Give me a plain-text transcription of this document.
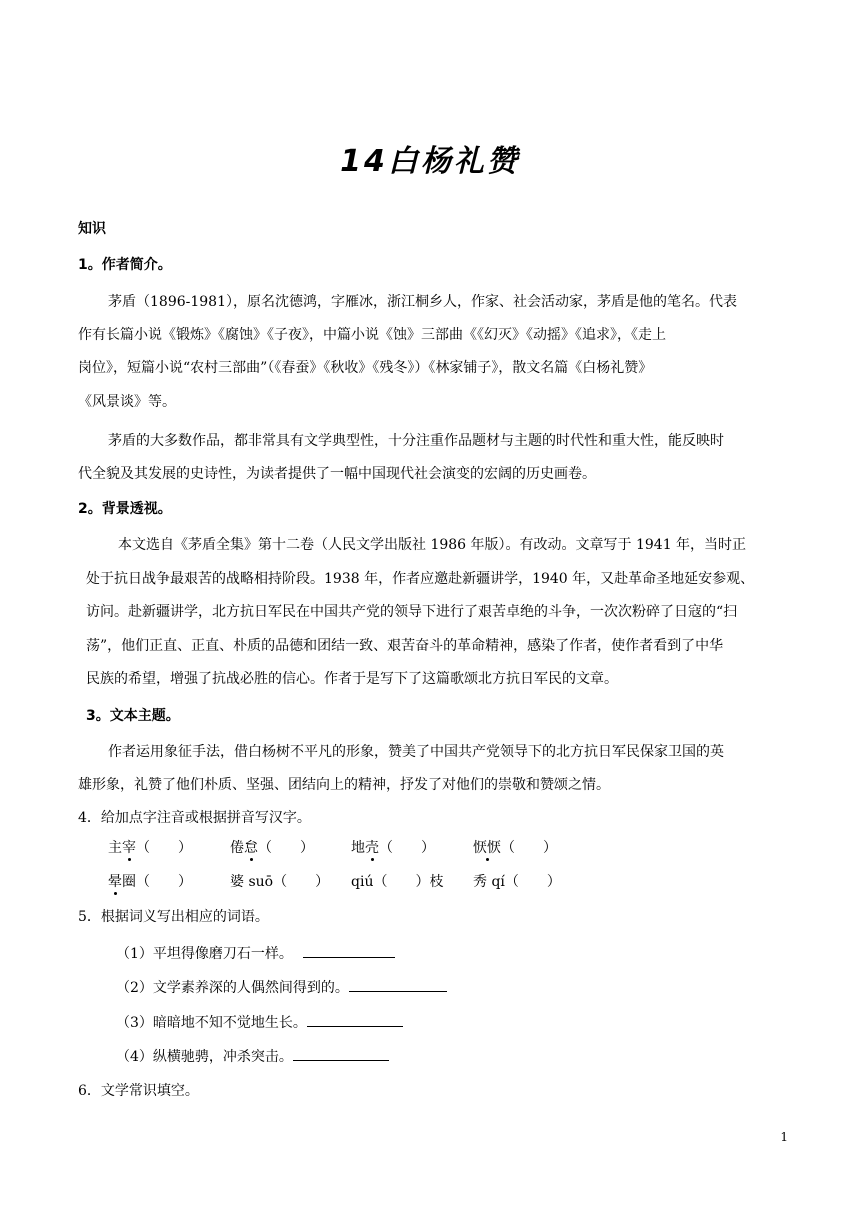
14白杨礼赞
知识
1。作者简介。
茅盾（1896-1981），原名沈德鸿，字雁冰，浙江桐乡人，作家、社会活动家，茅盾是他的笔名。代表
作有长篇小说《锻炼》《腐蚀》《子夜》，中篇小说《蚀》三部曲《《幻灭》《动摇》《追求》，《走上
岗位》，短篇小说“农村三部曲”（《春蚕》《秋收》《残冬》）《林家铺子》，散文名篇《白杨礼赞》
《风景谈》等。
茅盾的大多数作品，都非常具有文学典型性，十分注重作品题材与主题的时代性和重大性，能反映时
代全貌及其发展的史诗性，为读者提供了一幅中国现代社会演变的宏阔的历史画卷。
2。背景透视。
本文选自《茅盾全集》第十二卷（人民文学出版社 1986 年版）。有改动。文章写于 1941 年，当时正
处于抗日战争最艰苦的战略相持阶段。1938 年，作者应邀赴新疆讲学，1940 年，又赴革命圣地延安参观、
访问。赴新疆讲学，北方抗日军民在中国共产党的领导下进行了艰苦卓绝的斗争，一次次粉碎了日寇的“扫
荡”，他们正直、正直、朴质的品德和团结一致、艰苦奋斗的革命精神，感染了作者，使作者看到了中华
民族的希望，增强了抗战必胜的信心。作者于是写下了这篇歌颂北方抗日军民的文章。
3。文本主题。
作者运用象征手法，借白杨树不平凡的形象，赞美了中国共产党领导下的北方抗日军民保家卫国的英
雄形象，礼赞了他们朴质、坚强、团结向上的精神，抒发了对他们的崇敬和赞颂之情。
4．给加点字注音或根据拼音写汉字。
主宰（　　）	倦怠（　　）	地壳（　　）	恹恹（　　）
晕圈（　　）	婆 suō（　　） qiú（　　）枝 秀 qí（　　）
5．根据词义写出相应的词语。
（1）平坦得像磨刀石一样。
（2）文学素养深的人偶然间得到的。
（3）暗暗地不知不觉地生长。
（4）纵横驰骋，冲杀突击。
6．文学常识填空。
1
